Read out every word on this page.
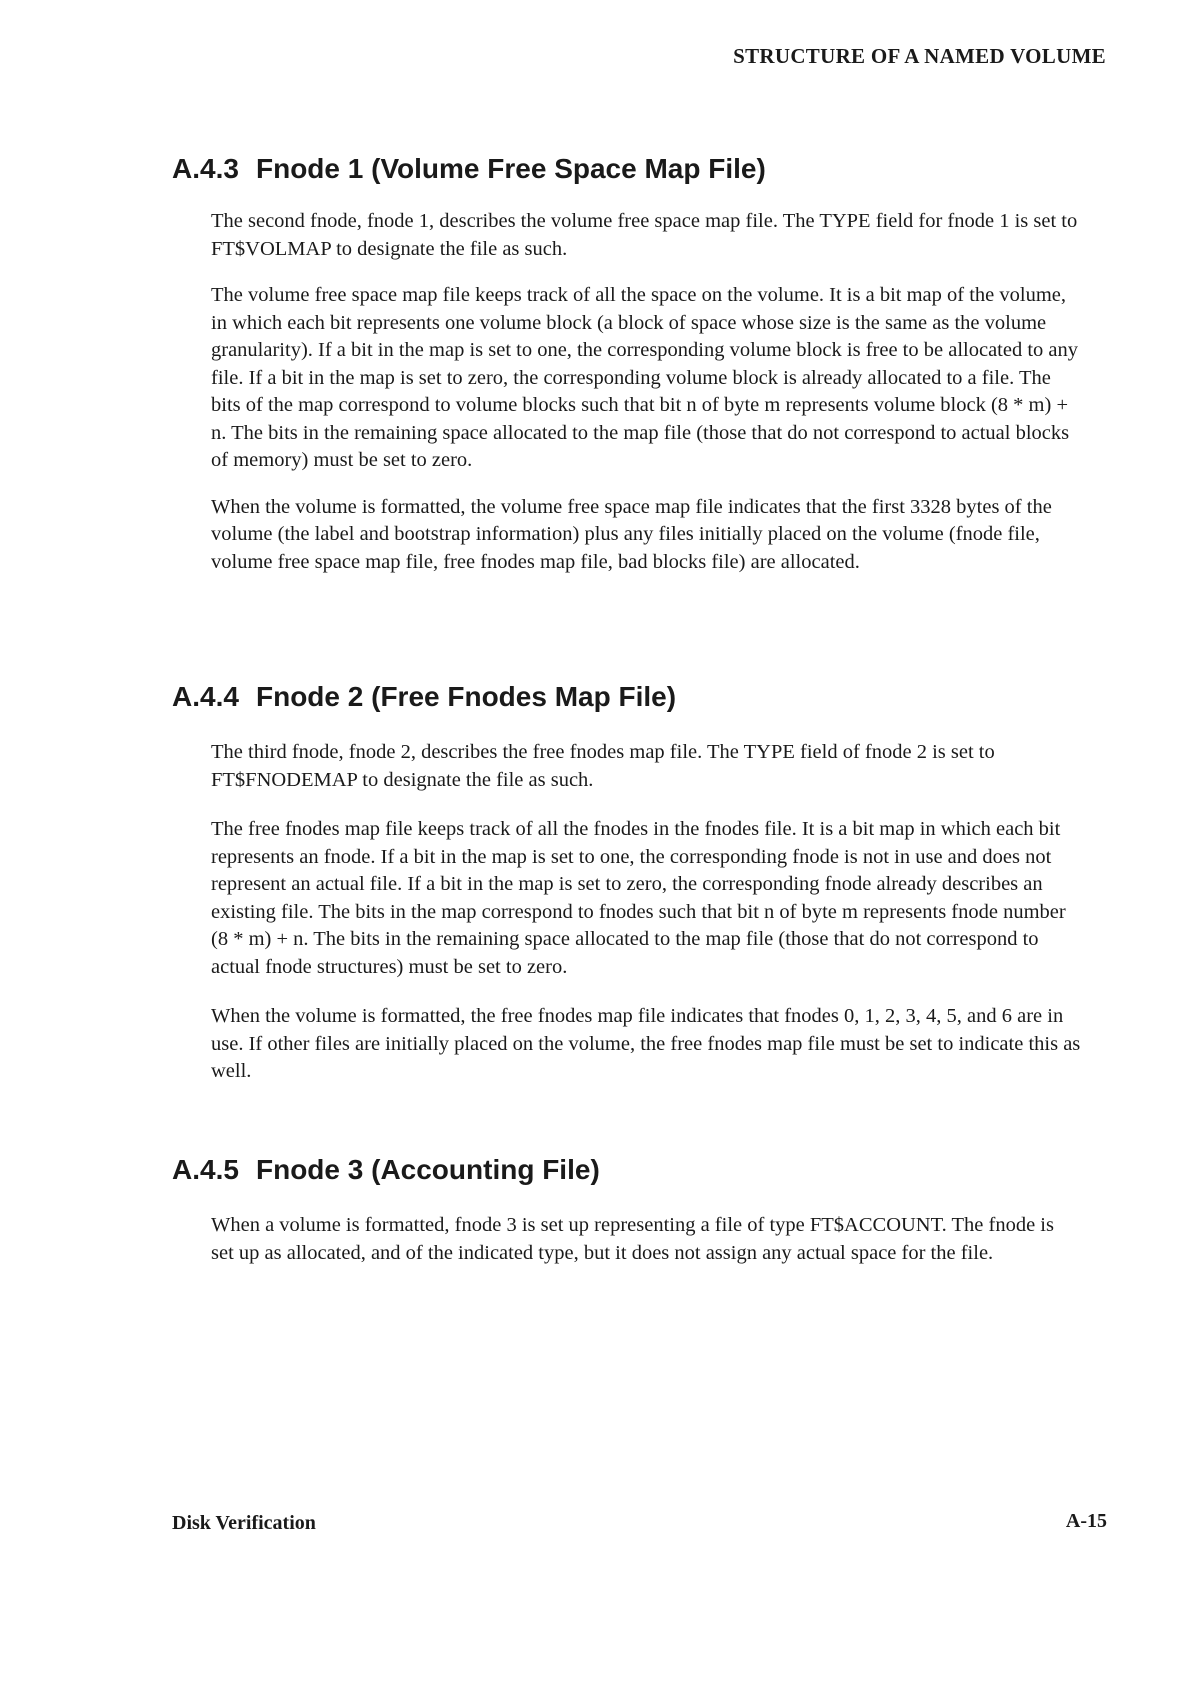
STRUCTURE OF A NAMED VOLUME
A.4.3 Fnode 1 (Volume Free Space Map File)

The second fnode, fnode 1, describes the volume free space map file. The TYPE field for fnode 1 is set to FT$VOLMAP to designate the file as such.

The volume free space map file keeps track of all the space on the volume. It is a bit map of the volume, in which each bit represents one volume block (a block of space whose size is the same as the volume granularity). If a bit in the map is set to one, the corresponding volume block is free to be allocated to any file. If a bit in the map is set to zero, the corresponding volume block is already allocated to a file. The bits of the map correspond to volume blocks such that bit n of byte m represents volume block (8 * m) + n. The bits in the remaining space allocated to the map file (those that do not correspond to actual blocks of memory) must be set to zero.

When the volume is formatted, the volume free space map file indicates that the first 3328 bytes of the volume (the label and bootstrap information) plus any files initially placed on the volume (fnode file, volume free space map file, free fnodes map file, bad blocks file) are allocated.

A.4.4 Fnode 2 (Free Fnodes Map File)

The third fnode, fnode 2, describes the free fnodes map file. The TYPE field of fnode 2 is set to FT$FNODEMAP to designate the file as such.

The free fnodes map file keeps track of all the fnodes in the fnodes file. It is a bit map in which each bit represents an fnode. If a bit in the map is set to one, the corresponding fnode is not in use and does not represent an actual file. If a bit in the map is set to zero, the corresponding fnode already describes an existing file. The bits in the map correspond to fnodes such that bit n of byte m represents fnode number (8 * m) + n. The bits in the remaining space allocated to the map file (those that do not correspond to actual fnode structures) must be set to zero.

When the volume is formatted, the free fnodes map file indicates that fnodes 0, 1, 2, 3, 4, 5, and 6 are in use. If other files are initially placed on the volume, the free fnodes map file must be set to indicate this as well.

A.4.5 Fnode 3 (Accounting File)

When a volume is formatted, fnode 3 is set up representing a file of type FT$ACCOUNT. The fnode is set up as allocated, and of the indicated type, but it does not assign any actual space for the file.

Disk Verification	A-15
